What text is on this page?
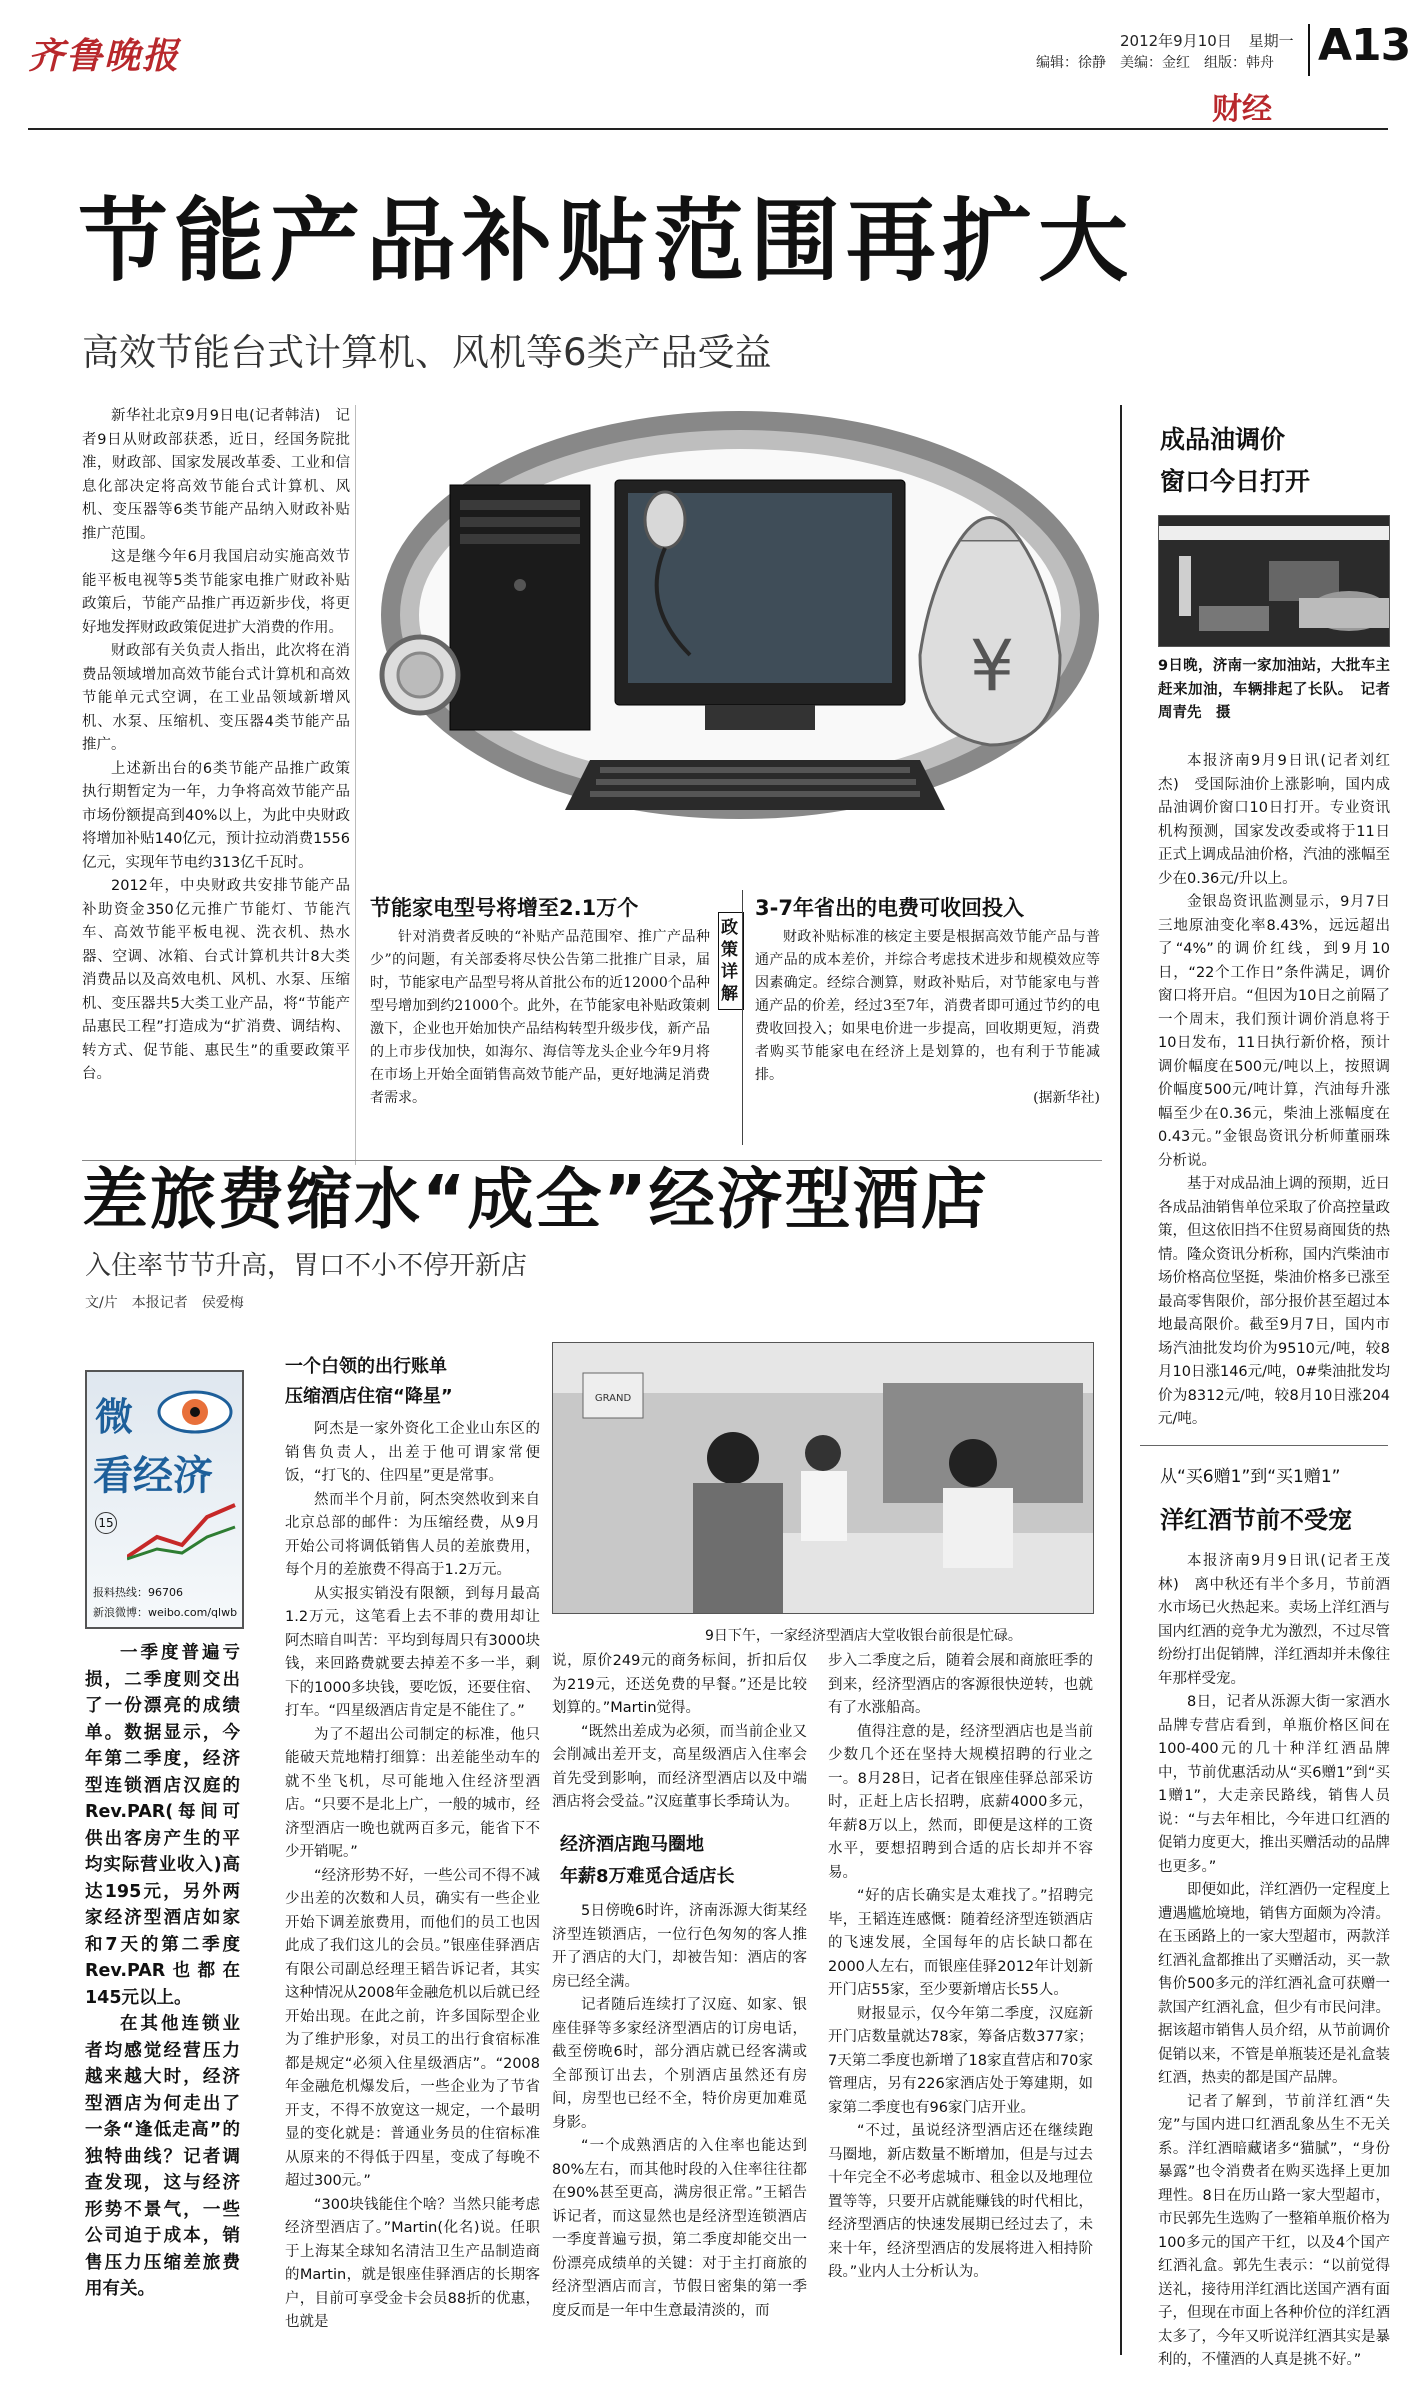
齐鲁晚报	2012年9月10日 星期一
编辑：徐静　美编：金红　组版：韩舟 A13
财经
节能产品补贴范围再扩大
高效节能台式计算机、风机等6类产品受益

新华社北京9月9日电(记者韩洁)　记者9日从财政部获悉，近日，经国务院批准，财政部、国家发展改革委、工业和信息化部决定将高效节能台式计算机、风机、变压器等6类节能产品纳入财政补贴推广范围。

这是继今年6月我国启动实施高效节能平板电视等5类节能家电推广财政补贴政策后，节能产品推广再迈新步伐，将更好地发挥财政政策促进扩大消费的作用。

财政部有关负责人指出，此次将在消费品领域增加高效节能台式计算机和高效节能单元式空调，在工业品领域新增风机、水泵、压缩机、变压器4类节能产品推广。

上述新出台的6类节能产品推广政策执行期暂定为一年，力争将高效节能产品市场份额提高到40%以上，为此中央财政将增加补贴140亿元，预计拉动消费1556亿元，实现年节电约313亿千瓦时。

2012年，中央财政共安排节能产品补助资金350亿元推广节能灯、节能汽车、高效节能平板电视、洗衣机、热水器、空调、冰箱、台式计算机共计8大类消费品以及高效电机、风机、水泵、压缩机、变压器共5大类工业产品，将“节能产品惠民工程”打造成为“扩消费、调结构、转方式、促节能、惠民生”的重要政策平台。

¥
节能家电型号将增至2.1万个

针对消费者反映的“补贴产品范围窄、推广产品种少”的问题，有关部委将尽快公告第二批推广目录，届时，节能家电产品型号将从首批公布的近12000个品种型号增加到约21000个。此外，在节能家电补贴政策刺激下，企业也开始加快产品结构转型升级步伐，新产品的上市步伐加快，如海尔、海信等龙头企业今年9月将在市场上开始全面销售高效节能产品，更好地满足消费者需求。

政策详解
3-7年省出的电费可收回投入

财政补贴标准的核定主要是根据高效节能产品与普通产品的成本差价，并综合考虑技术进步和规模效应等因素确定。经综合测算，财政补贴后，对节能家电与普通产品的价差，经过3至7年，消费者即可通过节约的电费收回投入；如果电价进一步提高，回收期更短，消费者购买节能家电在经济上是划算的，也有利于节能减排。

(据新华社)
成品油调价
窗口今日打开
9日晚，济南一家加油站，大批车主赶来加油，车辆排起了长队。　记者　周青先　摄

本报济南9月9日讯(记者刘红杰)　受国际油价上涨影响，国内成品油调价窗口10日打开。专业资讯机构预测，国家发改委或将于11日正式上调成品油价格，汽油的涨幅至少在0.36元/升以上。

金银岛资讯监测显示，9月7日三地原油变化率8.43%，远远超出了“4%”的调价红线，到9月10日，“22个工作日”条件满足，调价窗口将开启。“但因为10日之前隔了一个周末，我们预计调价消息将于10日发布，11日执行新价格，预计调价幅度在500元/吨以上，按照调价幅度500元/吨计算，汽油每升涨幅至少在0.36元，柴油上涨幅度在0.43元。”金银岛资讯分析师董丽珠分析说。

基于对成品油上调的预期，近日各成品油销售单位采取了价高控量政策，但这依旧挡不住贸易商囤货的热情。隆众资讯分析称，国内汽柴油市场价格高位坚挺，柴油价格多已涨至最高零售限价，部分报价甚至超过本地最高限价。截至9月7日，国内市场汽油批发均价为9510元/吨，较8月10日涨146元/吨，0#柴油批发均价为8312元/吨，较8月10日涨204元/吨。

从“买6赠1”到“买1赠1”
洋红酒节前不受宠

本报济南9月9日讯(记者王茂林)　离中秋还有半个多月，节前酒水市场已火热起来。卖场上洋红酒与国内红酒的竞争尤为激烈，不过尽管纷纷打出促销牌，洋红酒却并未像往年那样受宠。

8日，记者从泺源大街一家酒水品牌专营店看到，单瓶价格区间在100-400元的几十种洋红酒品牌中，节前优惠活动从“买6赠1”到“买1赠1”，大走亲民路线，销售人员说：“与去年相比，今年进口红酒的促销力度更大，推出买赠活动的品牌也更多。”

即便如此，洋红酒仍一定程度上遭遇尴尬境地，销售方面颇为冷清。在玉函路上的一家大型超市，两款洋红酒礼盒都推出了买赠活动，买一款售价500多元的洋红酒礼盒可获赠一款国产红酒礼盒，但少有市民问津。据该超市销售人员介绍，从节前调价促销以来，不管是单瓶装还是礼盒装红酒，热卖的都是国产品牌。

记者了解到，节前洋红酒“失宠”与国内进口红酒乱象丛生不无关系。洋红酒暗藏诸多“猫腻”，“身份暴露”也令消费者在购买选择上更加理性。8日在历山路一家大型超市，市民郭先生选购了一整箱单瓶价格为100多元的国产干红，以及4个国产红酒礼盒。郭先生表示：“以前觉得送礼，接待用洋红酒比送国产酒有面子，但现在市面上各种价位的洋红酒太多了，今年又听说洋红酒其实是暴利的，不懂酒的人真是挑不好。”

差旅费缩水“成全”经济型酒店
入住率节节升高，胃口不小不停开新店
文/片　本报记者　侯爱梅
微
看经济
15
报料热线：96706
新浪微博：weibo.com/qlwb

一季度普遍亏损，二季度则交出了一份漂亮的成绩单。数据显示，今年第二季度，经济型连锁酒店汉庭的Rev.PAR(每间可供出客房产生的平均实际营业收入)高达195元，另外两家经济型酒店如家和7天的第二季度Rev.PAR也都在145元以上。

在其他连锁业者均感觉经营压力越来越大时，经济型酒店为何走出了一条“逢低走高”的独特曲线？记者调查发现，这与经济形势不景气，一些公司迫于成本，销售压力压缩差旅费用有关。

一个白领的出行账单
压缩酒店住宿“降星”

阿杰是一家外资化工企业山东区的销售负责人，出差于他可谓家常便饭，“打飞的、住四星”更是常事。

然而半个月前，阿杰突然收到来自北京总部的邮件：为压缩经费，从9月开始公司将调低销售人员的差旅费用，每个月的差旅费不得高于1.2万元。

从实报实销没有限额，到每月最高1.2万元，这笔看上去不菲的费用却让阿杰暗自叫苦：平均到每周只有3000块钱，来回路费就要去掉差不多一半，剩下的1000多块钱，要吃饭，还要住宿、打车。“四星级酒店肯定是不能住了。”

为了不超出公司制定的标准，他只能破天荒地精打细算：出差能坐动车的就不坐飞机，尽可能地入住经济型酒店。“只要不是北上广，一般的城市，经济型酒店一晚也就两百多元，能省下不少开销呢。”

“经济形势不好，一些公司不得不减少出差的次数和人员，确实有一些企业开始下调差旅费用，而他们的员工也因此成了我们这儿的会员。”银座佳驿酒店有限公司副总经理王韬告诉记者，其实这种情况从2008年金融危机以后就已经开始出现。在此之前，许多国际型企业为了维护形象，对员工的出行食宿标准都是规定“必须入住星级酒店”。“2008年金融危机爆发后，一些企业为了节省开支，不得不放宽这一规定，一个最明显的变化就是：普通业务员的住宿标准从原来的不得低于四星，变成了每晚不超过300元。”

“300块钱能住个啥？当然只能考虑经济型酒店了。”Martin(化名)说。任职于上海某全球知名清洁卫生产品制造商的Martin，就是银座佳驿酒店的长期客户，目前可享受金卡会员88折的优惠，也就是

GRAND
9日下午，一家经济型酒店大堂收银台前很是忙碌。

说，原价249元的商务标间，折扣后仅为219元，还送免费的早餐。”还是比较划算的。”Martin觉得。

“既然出差成为必须，而当前企业又会削减出差开支，高星级酒店入住率会首先受到影响，而经济型酒店以及中端酒店将会受益。”汉庭董事长季琦认为。

经济酒店跑马圈地
年薪8万难觅合适店长

5日傍晚6时许，济南泺源大街某经济型连锁酒店，一位行色匆匆的客人推开了酒店的大门，却被告知：酒店的客房已经全满。

记者随后连续打了汉庭、如家、银座佳驿等多家经济型酒店的订房电话，截至傍晚6时，部分酒店就已经客满或全部预订出去，个别酒店虽然还有房间，房型也已经不全，特价房更加难觅身影。

“一个成熟酒店的入住率也能达到80%左右，而其他时段的入住率往往都在90%甚至更高，满房很正常。”王韬告诉记者，而这显然也是经济型连锁酒店一季度普遍亏损，第二季度却能交出一份漂亮成绩单的关键：对于主打商旅的经济型酒店而言，节假日密集的第一季度反而是一年中生意最清淡的，而

步入二季度之后，随着会展和商旅旺季的到来，经济型酒店的客源很快逆转，也就有了水涨船高。

值得注意的是，经济型酒店也是当前少数几个还在坚持大规模招聘的行业之一。8月28日，记者在银座佳驿总部采访时，正赶上店长招聘，底薪4000多元，年薪8万以上，然而，即便是这样的工资水平，要想招聘到合适的店长却并不容易。

“好的店长确实是太难找了。”招聘完毕，王韬连连感慨：随着经济型连锁酒店的飞速发展，全国每年的店长缺口都在2000人左右，而银座佳驿2012年计划新开门店55家，至少要新增店长55人。

财报显示，仅今年第二季度，汉庭新开门店数量就达78家，筹备店数377家；7天第二季度也新增了18家直营店和70家管理店，另有226家酒店处于筹建期，如家第二季度也有96家门店开业。

“不过，虽说经济型酒店还在继续跑马圈地，新店数量不断增加，但是与过去十年完全不必考虑城市、租金以及地理位置等等，只要开店就能赚钱的时代相比，经济型酒店的快速发展期已经过去了，未来十年，经济型酒店的发展将进入相持阶段。”业内人士分析认为。
